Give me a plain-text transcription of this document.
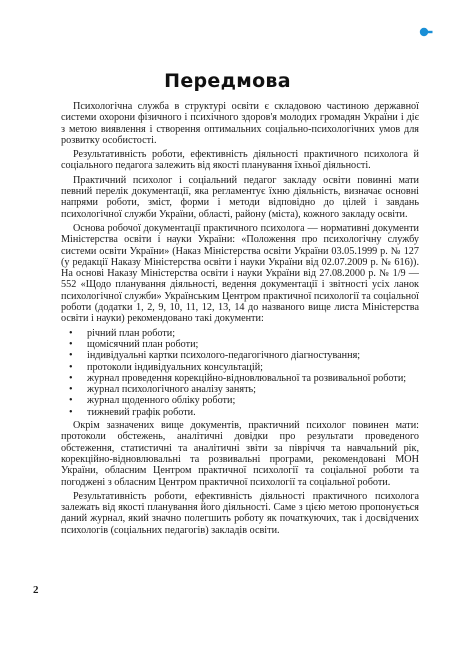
Передмова

Психологічна служба в структурі освіти є складовою частиною державної системи охорони фізичного і психічного здоров'я молодих громадян України і діє з метою виявлення і створення оптимальних соціально-психологічних умов для розвитку особистості.

Результативність роботи, ефективність діяльності практичного психолога й соціального педагога залежить від якості планування їхньої діяльності.

Практичний психолог і соціальний педагог закладу освіти повинні мати певний перелік документації, яка регламентує їхню діяльність, визначає основні напрями роботи, зміст, форми і методи відповідно до цілей і завдань психологічної служби України, області, району (міста), кожного закладу освіти.

Основа робочої документації практичного психолога — нормативні документи Міністерства освіти і науки України: «Положення про психологічну службу системи освіти України» (Наказ Міністерства освіти України 03.05.1999 р. № 127 (у редакції Наказу Міністерства освіти і науки України від 02.07.2009 р. № 616)). На основі Наказу Міністерства освіти і науки України від 27.08.2000 р. № 1/9 — 552 «Щодо планування діяльності, ведення документації і звітності усіх ланок психологічної служби» Українським Центром практичної психології та соціальної роботи (додатки 1, 2, 9, 10, 11, 12, 13, 14 до названого вище листа Міністерства освіти і науки) рекомендовано такі документи:

• річний план роботи;
• щомісячний план роботи;
• індивідуальні картки психолого-педагогічного діагностування;
• протоколи індивідуальних консультацій;
• журнал проведення корекційно-відновлювальної та розвивальної роботи;
• журнал психологічного аналізу занять;
• журнал щоденного обліку роботи;
• тижневий графік роботи.

Окрім зазначених вище документів, практичний психолог повинен мати: протоколи обстежень, аналітичні довідки про результати проведеного обстеження, статистичні та аналітичні звіти за півріччя та навчальний рік, корекційно-відновлювальні та розвивальні програми, рекомендовані МОН України, обласним Центром практичної психології та соціальної роботи та погоджені з обласним Центром практичної психології та соціальної роботи.

Результативність роботи, ефективність діяльності практичного психолога залежать від якості планування його діяльності. Саме з цією метою пропонується даний журнал, який значно полегшить роботу як початкуючих, так і досвідчених психологів (соціальних педагогів) закладів освіти.

2
